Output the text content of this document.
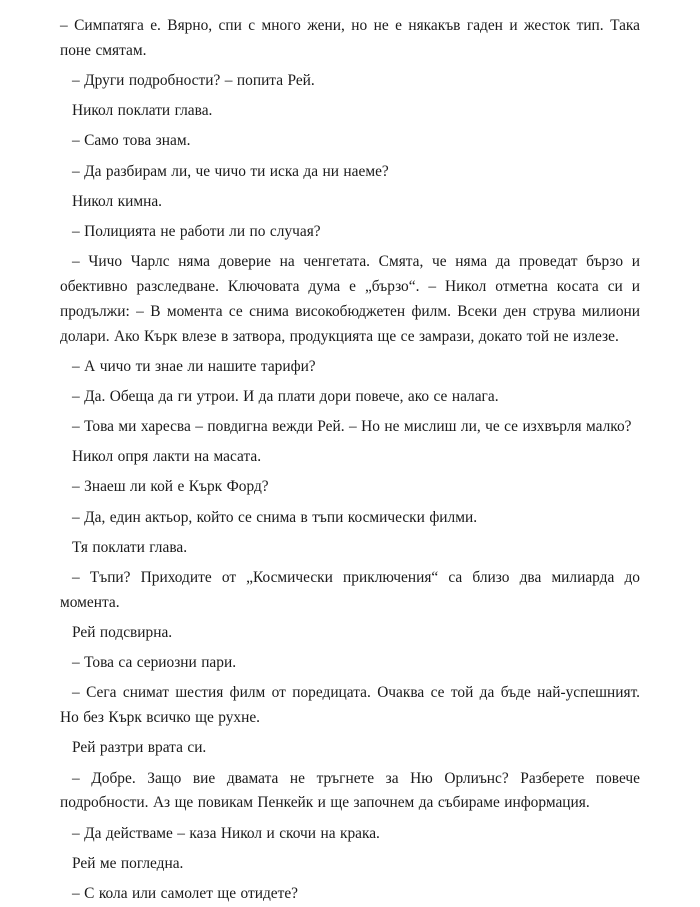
– Симпатяга е. Вярно, спи с много жени, но не е някакъв гаден и жесток тип. Така поне смятам.

– Други подробности? – попита Рей.

Никол поклати глава.

– Само това знам.

– Да разбирам ли, че чичо ти иска да ни наеме?

Никол кимна.

– Полицията не работи ли по случая?

– Чичо Чарлс няма доверие на ченгетата. Смята, че няма да проведат бързо и обективно разследване. Ключовата дума е „бързо“. – Никол отметна косата си и продължи: – В момента се снима високобюджетен филм. Всеки ден струва милиони долари. Ако Кърк влезе в затвора, продукцията ще се замрази, докато той не излезе.

– А чичо ти знае ли нашите тарифи?

– Да. Обеща да ги утрои. И да плати дори повече, ако се налага.

– Това ми харесва – повдигна вежди Рей. – Но не мислиш ли, че се изхвърля малко?

Никол опря лакти на масата.

– Знаеш ли кой е Кърк Форд?

– Да, един актьор, който се снима в тъпи космически филми.

Тя поклати глава.

– Тъпи? Приходите от „Космически приключения“ са близо два милиарда до момента.

Рей подсвирна.

– Това са сериозни пари.

– Сега снимат шестия филм от поредицата. Очаква се той да бъде най-успешният. Но без Кърк всичко ще рухне.

Рей разтри врата си.

– Добре. Защо вие двамата не тръгнете за Ню Орлиънс? Разберете повече подробности. Аз ще повикам Пенкейк и ще започнем да събираме информация.

– Да действаме – каза Никол и скочи на крака.

Рей ме погледна.

– С кола или самолет ще отидете?
